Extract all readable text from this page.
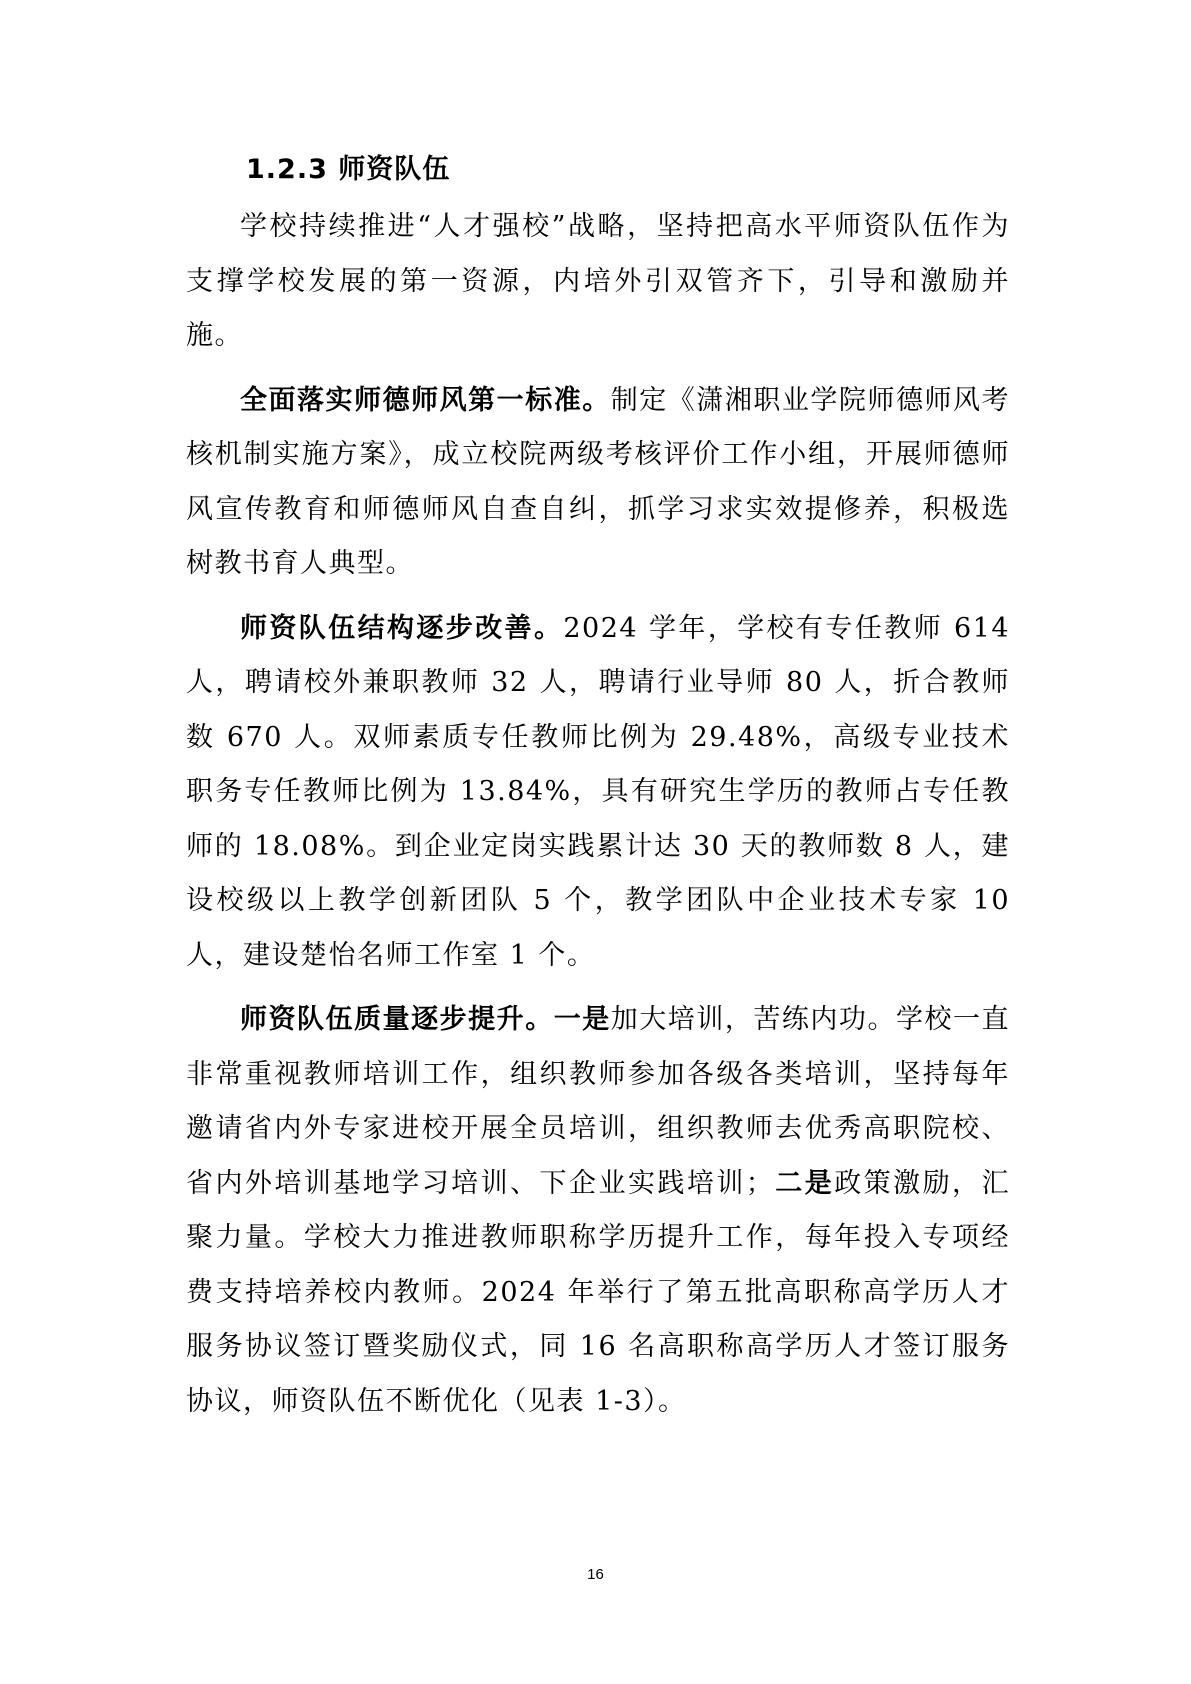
1.2.3 师资队伍

学校持续推进“人才强校”战略，坚持把高水平师资队伍作为支撑学校发展的第一资源，内培外引双管齐下，引导和激励并施。

全面落实师德师风第一标准。制定《潇湘职业学院师德师风考核机制实施方案》，成立校院两级考核评价工作小组，开展师德师风宣传教育和师德师风自查自纠，抓学习求实效提修养，积极选树教书育人典型。

师资队伍结构逐步改善。2024 学年，学校有专任教师 614 人，聘请校外兼职教师 32 人，聘请行业导师 80 人，折合教师数 670 人。双师素质专任教师比例为 29.48%，高级专业技术职务专任教师比例为 13.84%，具有研究生学历的教师占专任教师的 18.08%。到企业定岗实践累计达 30 天的教师数 8 人，建设校级以上教学创新团队 5 个，教学团队中企业技术专家 10 人，建设楚怡名师工作室 1 个。

师资队伍质量逐步提升。一是加大培训，苦练内功。学校一直非常重视教师培训工作，组织教师参加各级各类培训，坚持每年邀请省内外专家进校开展全员培训，组织教师去优秀高职院校、省内外培训基地学习培训、下企业实践培训；二是政策激励，汇聚力量。学校大力推进教师职称学历提升工作，每年投入专项经费支持培养校内教师。2024 年举行了第五批高职称高学历人才服务协议签订暨奖励仪式，同 16 名高职称高学历人才签订服务协议，师资队伍不断优化（见表 1-3）。

16
